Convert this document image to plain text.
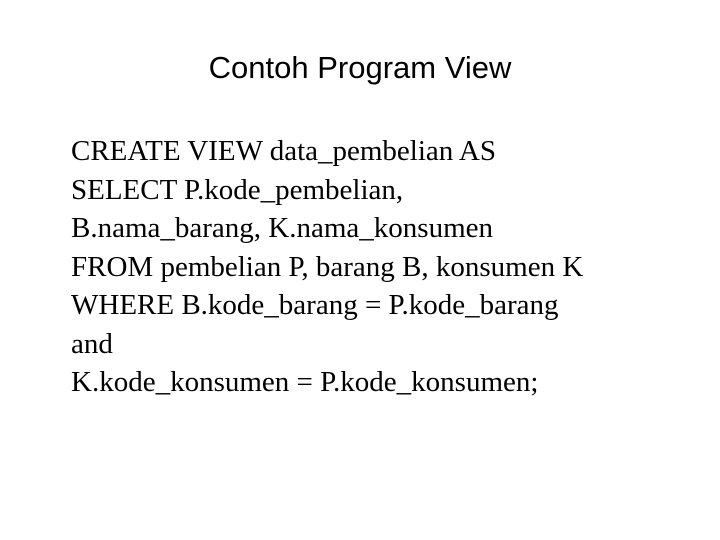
Contoh Program View
CREATE VIEW data_pembelian AS
SELECT P.kode_pembelian,
B.nama_barang, K.nama_konsumen
FROM pembelian P, barang B, konsumen K
WHERE B.kode_barang = P.kode_barang
and
K.kode_konsumen = P.kode_konsumen;
